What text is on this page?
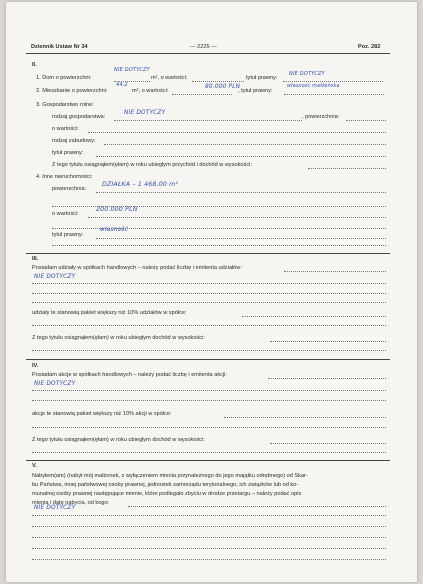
Dziennik Ustaw Nr 34	— 2225 —	Poz. 282
II.
1. Dom o powierzchni:
NIE DOTYCZY
m², o wartości:	tytuł prawny:
NIE DOTYCZY
2. Mieszkanie o powierzchni:
44,2
m², o wartości:
80.000 PLN
, tytuł prawny:
własność małżeńska
3. Gospodarstwo rolne:
rodzaj gospodarstwa:
NIE DOTYCZY
, powierzchnia:
o wartości:
rodzaj zabudowy:
tytuł prawny:
Z tego tytułu osiągnąłem(ęłam) w roku ubiegłym przychód i dochód w wysokości:
4. Inne nieruchomości:
powierzchnia:
DZIAŁKA – 1 468,00 m²
o wartości:
200.000 PLN
tytuł prawny:
własność
III.
Posiadam udziały w spółkach handlowych – należy podać liczbę i emitenta udziałów:
NIE DOTYCZY
udziały te stanowią pakiet większy niż 10% udziałów w spółce:
Z tego tytułu osiągnąłem(ęłam) w roku ubiegłym dochód w wysokości:
IV.
Posiadam akcje w spółkach handlowych – należy podać liczbę i emitenta akcji:
NIE DOTYCZY
akcje te stanowią pakiet większy niż 10% akcji w spółce:
Z tego tytułu osiągnąłem(ęłam) w roku ubiegłym dochód w wysokości:
V.
Nabyłem(am) (nabył mój małżonek, z wyłączeniem mienia przynależnego do jego majątku odrębnego) od Skar-
bu Państwa, innej państwowej osoby prawnej, jednostek samorządu terytorialnego, ich związków lub od ko-
munalnej osoby prawnej następujące mienie, które podlegało zbyciu w drodze przetargu – należy podać opis
mienia i datę nabycia, od kogo:
NIE DOTYCZY
